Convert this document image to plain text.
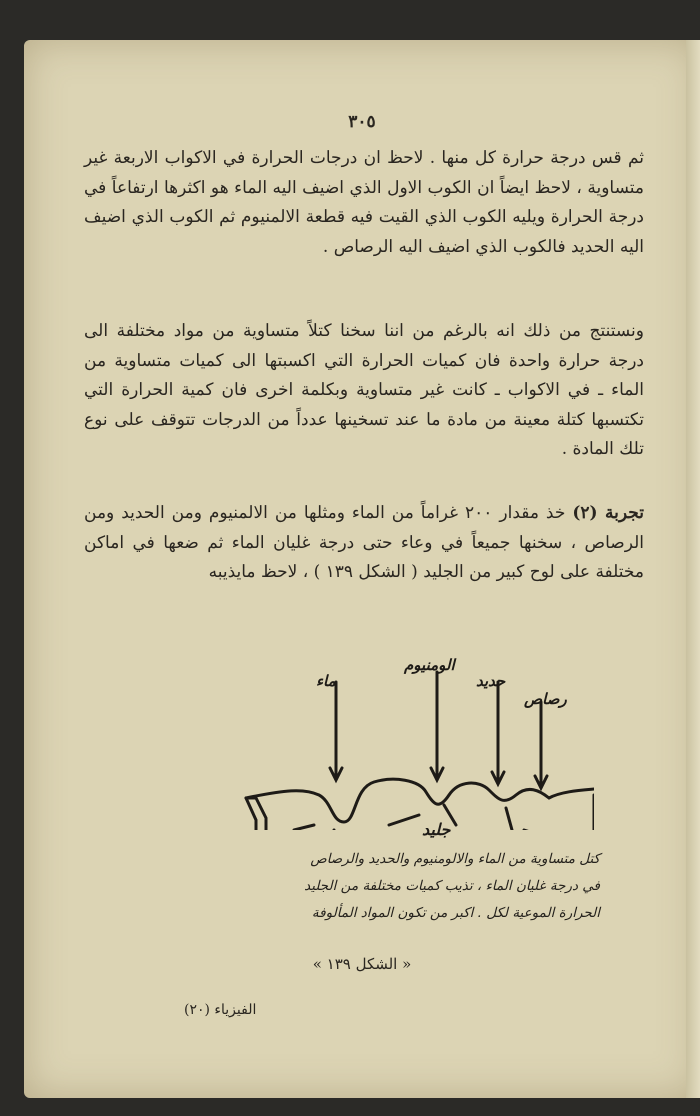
٣٠٥
ثم قس درجة حرارة كل منها . لاحظ ان درجات الحرارة في الاكواب الاربعة غير متساوية ، لاحظ ايضاً ان الكوب الاول الذي اضيف اليه الماء هو اكثرها ارتفاعاً في درجة الحرارة ويليه الكوب الذي القيت فيه قطعة الالمنيوم ثم الكوب الذي اضيف اليه الحديد فالكوب الذي اضيف اليه الرصاص .
ونستنتج من ذلك انه بالرغم من اننا سخنا كتلاً متساوية من مواد مختلفة الى درجة حرارة واحدة فان كميات الحرارة التي اكسبتها الى كميات متساوية من الماء ـ في الاكواب ـ كانت غير متساوية وبكلمة اخرى فان كمية الحرارة التي تكتسبها كتلة معينة من مادة ما عند تسخينها عدداً من الدرجات تتوقف على نوع تلك المادة .
تجربة (٢) خذ مقدار ٢٠٠ غراماً من الماء ومثلها من الالمنيوم ومن الحديد ومن الرصاص ، سخنها جميعاً في وعاء حتى درجة غليان الماء ثم ضعها في اماكن مختلفة على لوح كبير من الجليد ( الشكل ١٣٩ ) ، لاحظ مايذيبه
ماء
الومنيوم
حديد
رصاص
جليد
كتل متساوية من الماء والالومنيوم والحديد والرصاص
في درجة غليان الماء ، تذيب كميات مختلفة من الجليد
الحرارة الموعية لكل . اكبر من تكون المواد المألوفة
« الشكل ١٣٩ »
الفيزياء (٢٠)
